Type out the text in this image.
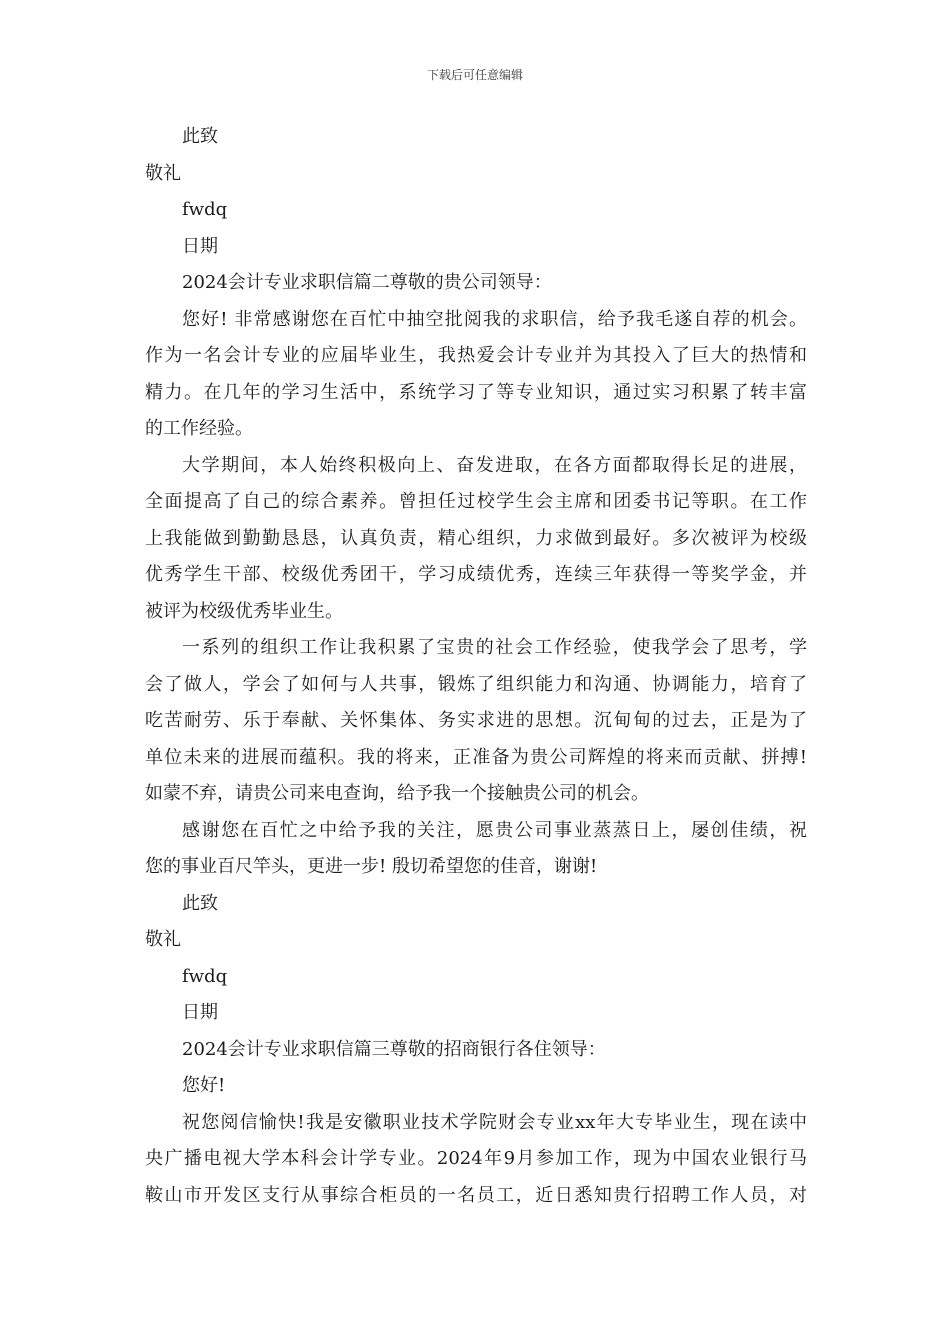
下载后可任意编辑
此致
敬礼
fwdq
日期
2024会计专业求职信篇二尊敬的贵公司领导：
您好! 非常感谢您在百忙中抽空批阅我的求职信，给予我毛遂自荐的机会。
作为一名会计专业的应届毕业生，我热爱会计专业并为其投入了巨大的热情和
精力。在几年的学习生活中，系统学习了等专业知识，通过实习积累了转丰富
的工作经验。
大学期间，本人始终积极向上、奋发进取，在各方面都取得长足的进展，
全面提高了自己的综合素养。曾担任过校学生会主席和团委书记等职。在工作
上我能做到勤勤恳恳，认真负责，精心组织，力求做到最好。多次被评为校级
优秀学生干部、校级优秀团干，学习成绩优秀，连续三年获得一等奖学金，并
被评为校级优秀毕业生。
一系列的组织工作让我积累了宝贵的社会工作经验，使我学会了思考，学
会了做人，学会了如何与人共事，锻炼了组织能力和沟通、协调能力，培育了
吃苦耐劳、乐于奉献、关怀集体、务实求进的思想。沉甸甸的过去，正是为了
单位未来的进展而蕴积。我的将来，正准备为贵公司辉煌的将来而贡献、拼搏!
如蒙不弃，请贵公司来电查询，给予我一个接触贵公司的机会。
感谢您在百忙之中给予我的关注，愿贵公司事业蒸蒸日上，屡创佳绩，祝
您的事业百尺竿头，更进一步! 殷切希望您的佳音，谢谢!
此致
敬礼
fwdq
日期
2024会计专业求职信篇三尊敬的招商银行各住领导：
您好!
祝您阅信愉快!我是安徽职业技术学院财会专业xx年大专毕业生，现在读中
央广播电视大学本科会计学专业。2024年9月参加工作，现为中国农业银行马
鞍山市开发区支行从事综合柜员的一名员工，近日悉知贵行招聘工作人员，对
